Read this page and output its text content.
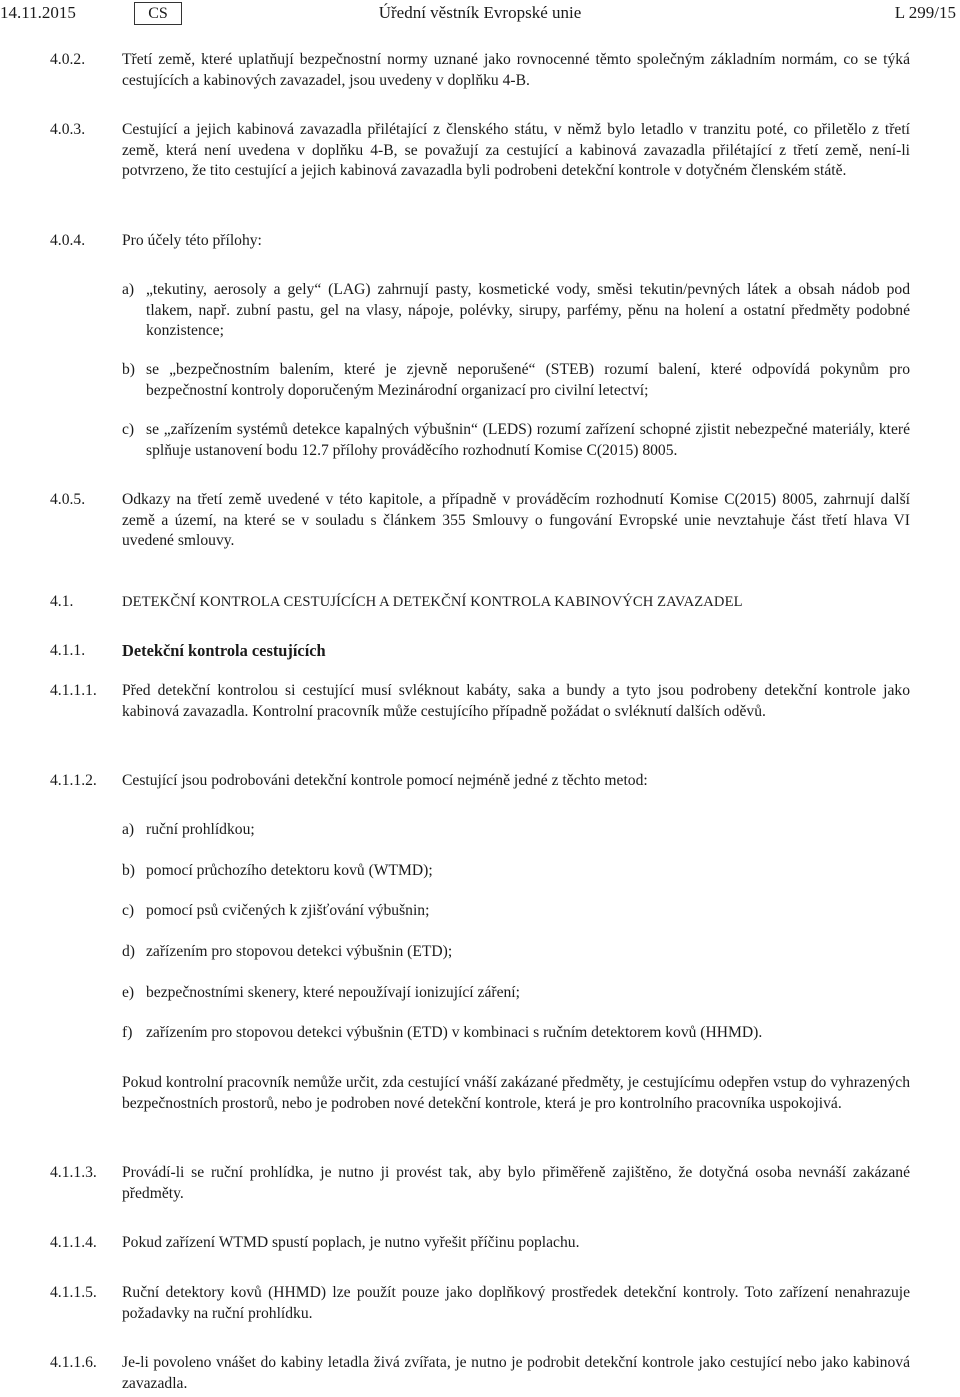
14.11.2015	CS	Úřední věstník Evropské unie	L 299/15
4.0.2. Třetí země, které uplatňují bezpečnostní normy uznané jako rovnocenné těmto společným základním normám, co se týká cestujících a kabinových zavazadel, jsou uvedeny v doplňku 4-B.
4.0.3. Cestující a jejich kabinová zavazadla přilétající z členského státu, v němž bylo letadlo v tranzitu poté, co přiletělo z třetí země, která není uvedena v doplňku 4-B, se považují za cestující a kabinová zavazadla přilétající z třetí země, není-li potvrzeno, že tito cestující a jejich kabinová zavazadla byli podrobeni detekční kontrole v dotyčném členském státě.
4.0.4. Pro účely této přílohy:
a) „tekutiny, aerosoly a gely“ (LAG) zahrnují pasty, kosmetické vody, směsi tekutin/pevných látek a obsah nádob pod tlakem, např. zubní pastu, gel na vlasy, nápoje, polévky, sirupy, parfémy, pěnu na holení a ostatní předměty podobné konzistence;
b) se „bezpečnostním balením, které je zjevně neporušené“ (STEB) rozumí balení, které odpovídá pokynům pro bezpečnostní kontroly doporučeným Mezinárodní organizací pro civilní letectví;
c) se „zařízením systémů detekce kapalných výbušnin“ (LEDS) rozumí zařízení schopné zjistit nebezpečné materiály, které splňuje ustanovení bodu 12.7 přílohy prováděcího rozhodnutí Komise C(2015) 8005.
4.0.5. Odkazy na třetí země uvedené v této kapitole, a případně v prováděcím rozhodnutí Komise C(2015) 8005, zahrnují další země a území, na které se v souladu s článkem 355 Smlouvy o fungování Evropské unie nevztahuje část třetí hlava VI uvedené smlouvy.
4.1.	DETEKČNÍ KONTROLA CESTUJÍCÍCH A DETEKČNÍ KONTROLA KABINOVÝCH ZAVAZADEL
4.1.1. Detekční kontrola cestujících
4.1.1.1. Před detekční kontrolou si cestující musí svléknout kabáty, saka a bundy a tyto jsou podrobeny detekční kontrole jako kabinová zavazadla. Kontrolní pracovník může cestujícího případně požádat o svléknutí dalších oděvů.
4.1.1.2. Cestující jsou podrobováni detekční kontrole pomocí nejméně jedné z těchto metod:
a) ruční prohlídkou;
b) pomocí průchozího detektoru kovů (WTMD);
c) pomocí psů cvičených k zjišťování výbušnin;
d) zařízením pro stopovou detekci výbušnin (ETD);
e) bezpečnostními skenery, které nepoužívají ionizující záření;
f) zařízením pro stopovou detekci výbušnin (ETD) v kombinaci s ručním detektorem kovů (HHMD).
Pokud kontrolní pracovník nemůže určit, zda cestující vnáší zakázané předměty, je cestujícímu odepřen vstup do vyhrazených bezpečnostních prostorů, nebo je podroben nové detekční kontrole, která je pro kontrolního pracovníka uspokojivá.
4.1.1.3. Provádí-li se ruční prohlídka, je nutno ji provést tak, aby bylo přiměřeně zajištěno, že dotyčná osoba nevnáší zakázané předměty.
4.1.1.4. Pokud zařízení WTMD spustí poplach, je nutno vyřešit příčinu poplachu.
4.1.1.5. Ruční detektory kovů (HHMD) lze použít pouze jako doplňkový prostředek detekční kontroly. Toto zařízení nenahrazuje požadavky na ruční prohlídku.
4.1.1.6. Je-li povoleno vnášet do kabiny letadla živá zvířata, je nutno je podrobit detekční kontrole jako cestující nebo jako kabinová zavazadla.
